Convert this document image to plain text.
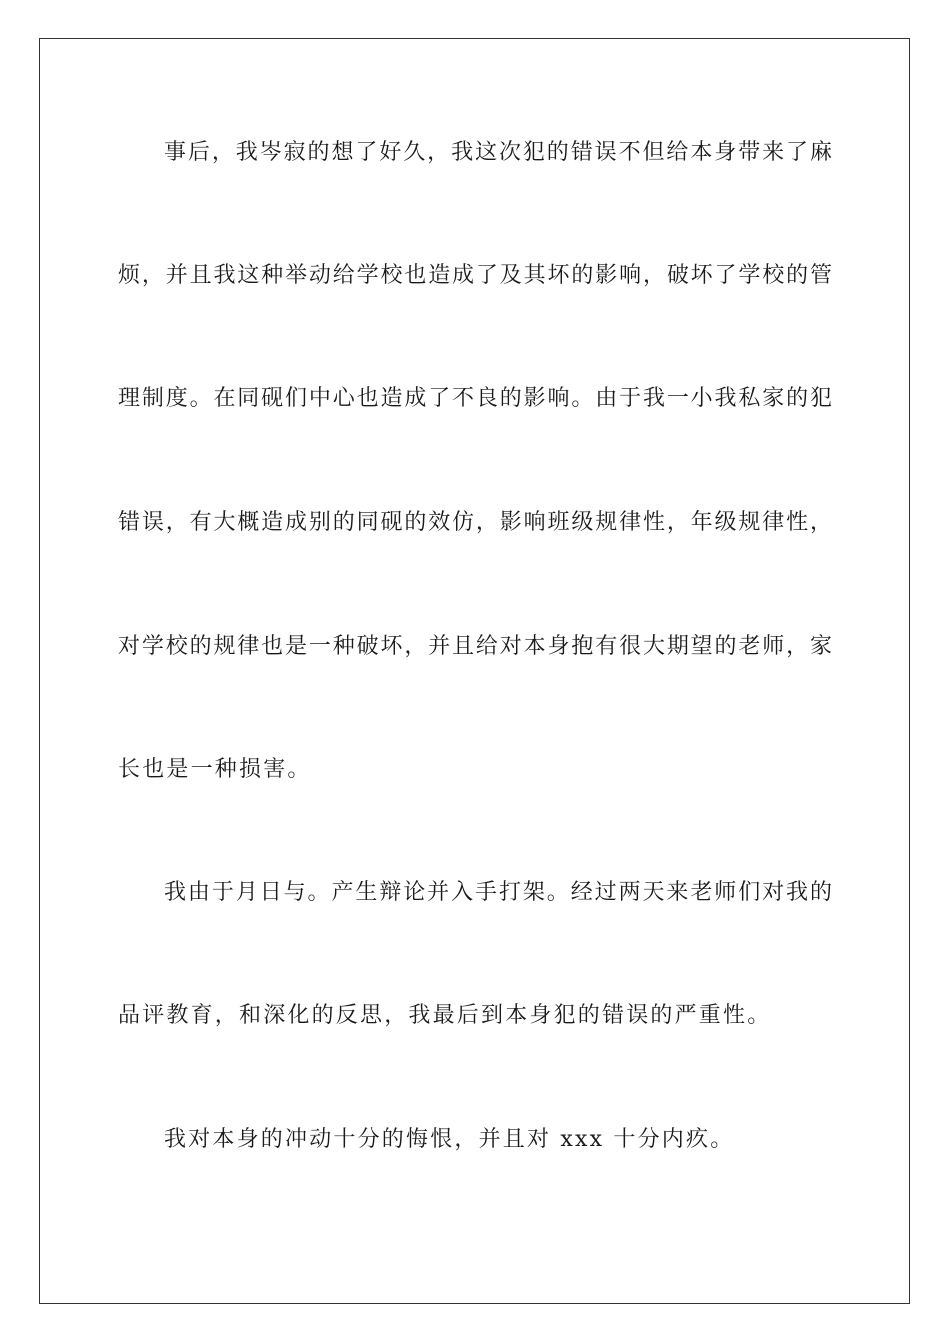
事后，我岑寂的想了好久，我这次犯的错误不但给本身带来了麻
烦，并且我这种举动给学校也造成了及其坏的影响，破坏了学校的管
理制度。在同砚们中心也造成了不良的影响。由于我一小我私家的犯
错误，有大概造成别的同砚的效仿，影响班级规律性，年级规律性，
对学校的规律也是一种破坏，并且给对本身抱有很大期望的老师，家
长也是一种损害。
我由于月日与。产生辩论并入手打架。经过两天来老师们对我的
品评教育，和深化的反思，我最后到本身犯的错误的严重性。
我对本身的冲动十分的悔恨，并且对 xxx 十分内疚。
